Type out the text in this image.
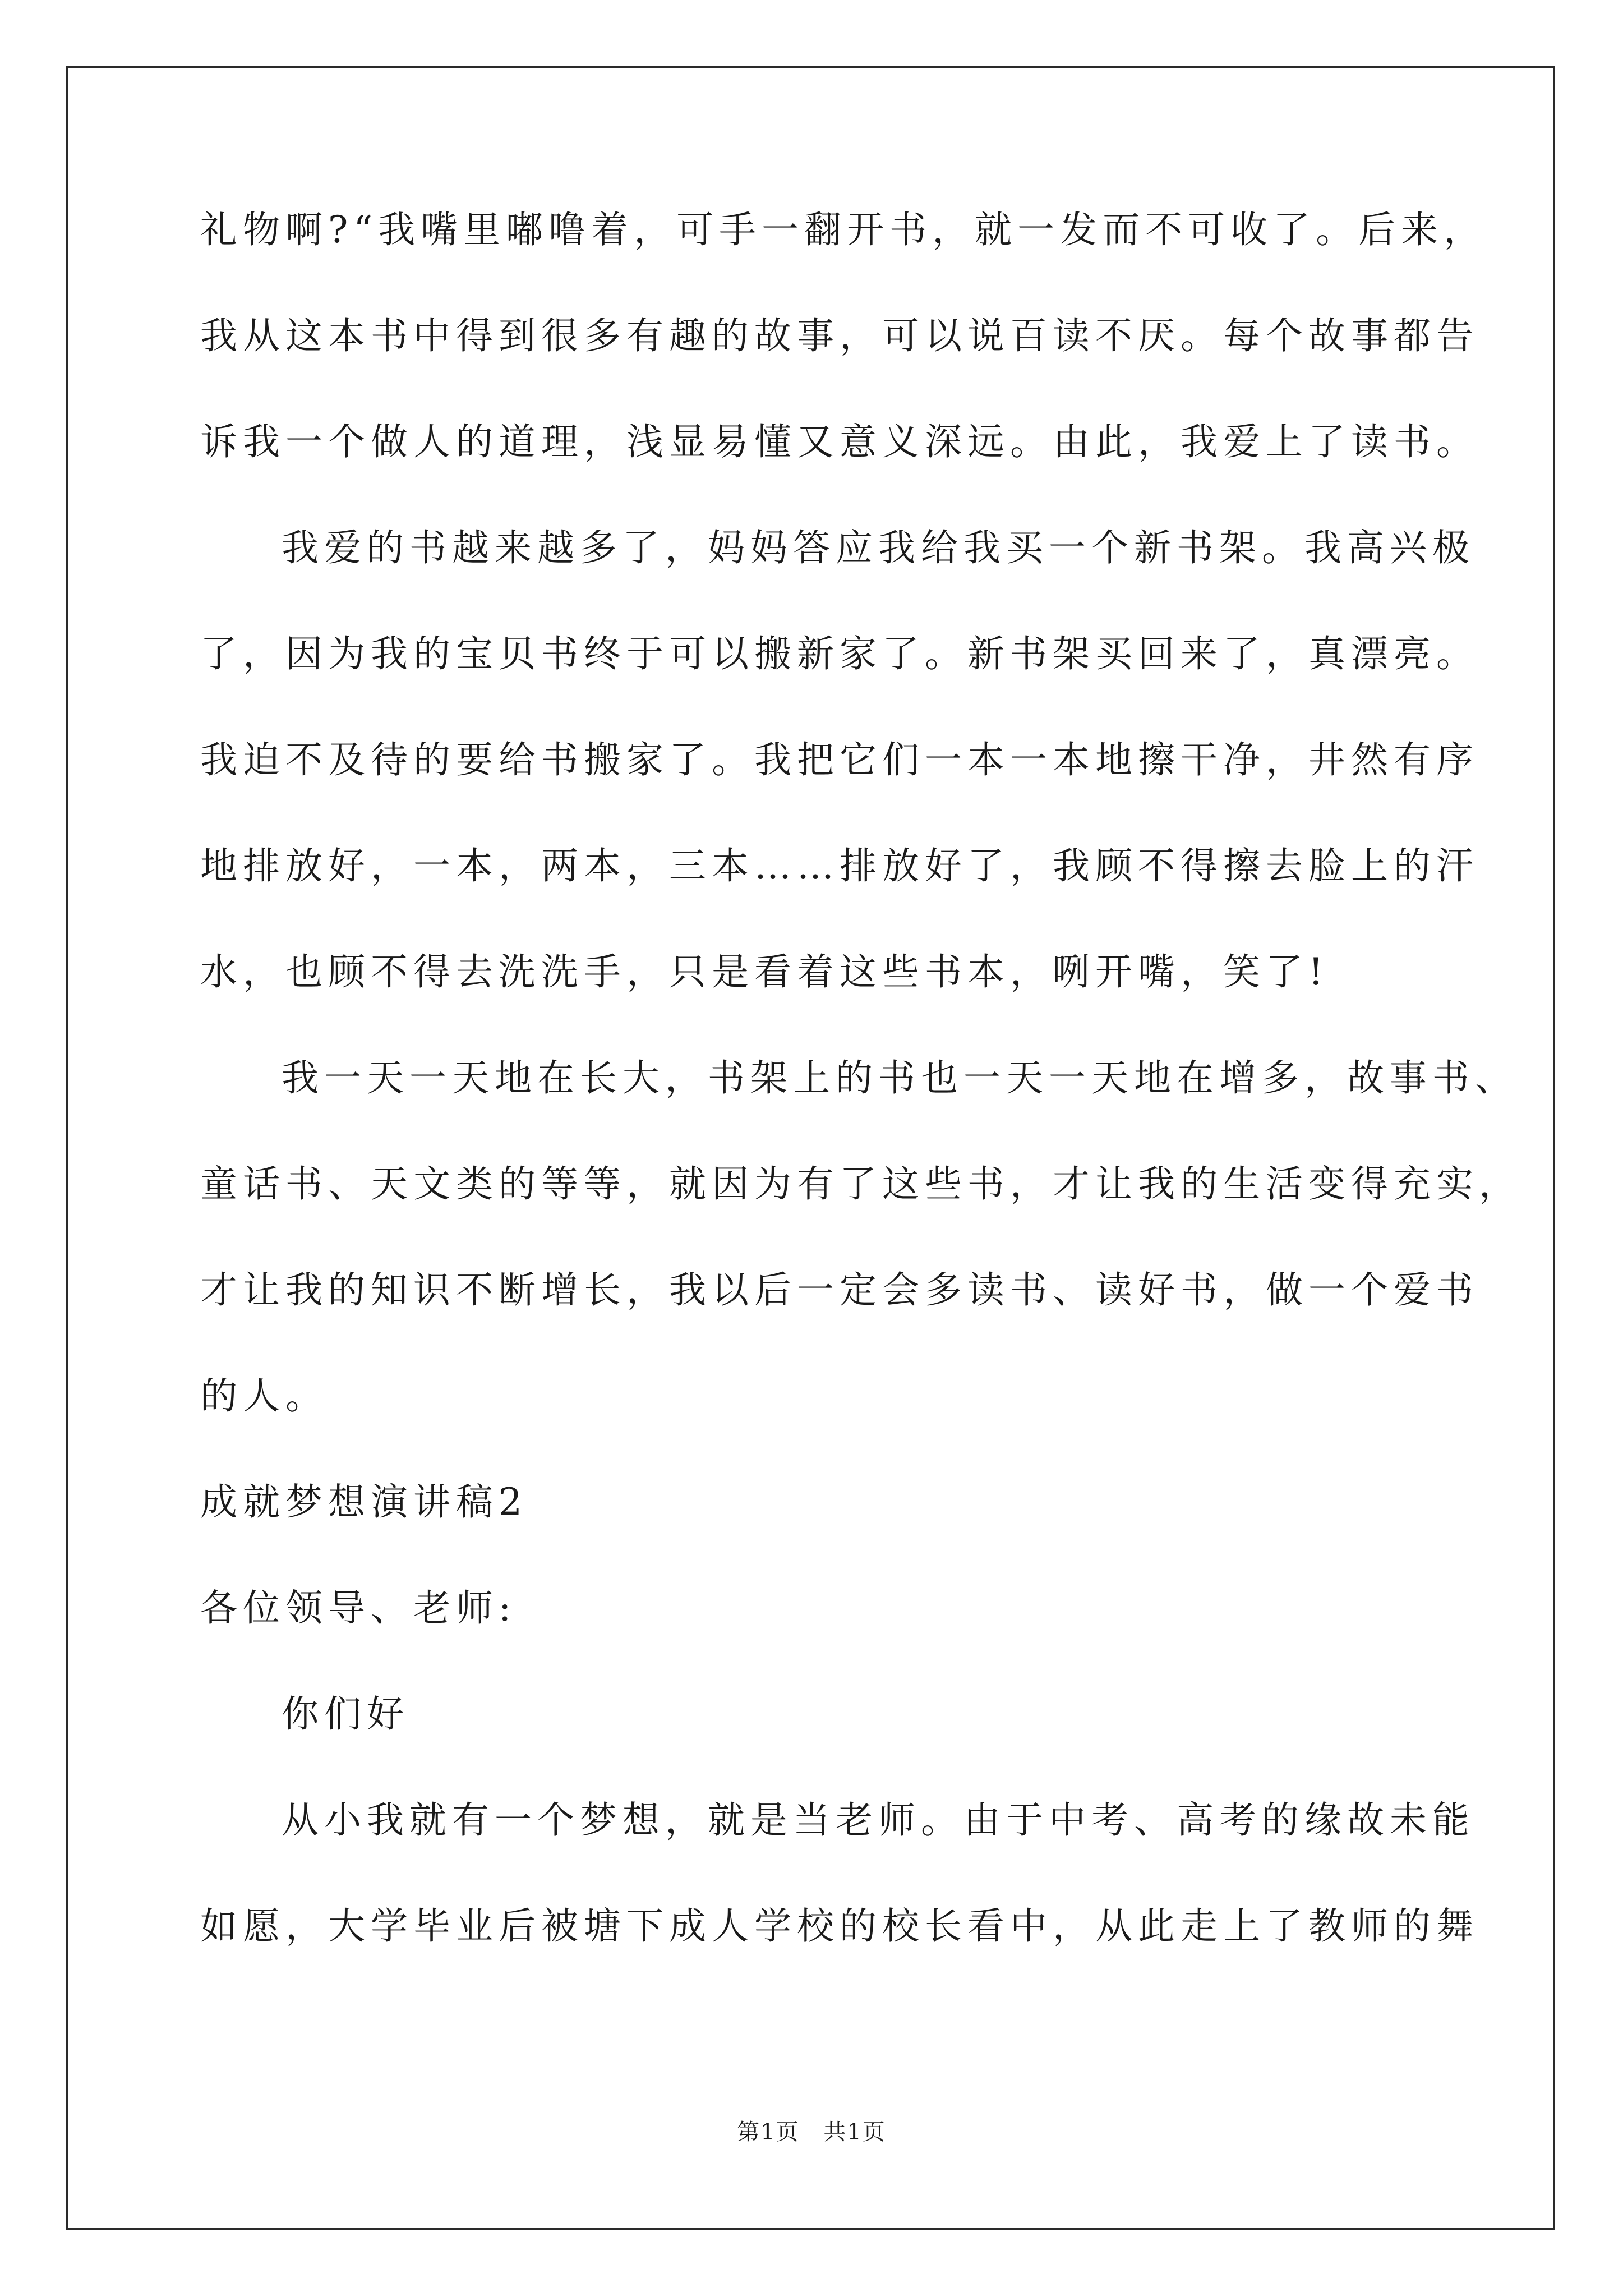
礼物啊?“我嘴里嘟噜着，可手一翻开书，就一发而不可收了。后来，
我从这本书中得到很多有趣的故事，可以说百读不厌。每个故事都告
诉我一个做人的道理，浅显易懂又意义深远。由此，我爱上了读书。
我爱的书越来越多了，妈妈答应我给我买一个新书架。我高兴极
了，因为我的宝贝书终于可以搬新家了。新书架买回来了，真漂亮。
我迫不及待的要给书搬家了。我把它们一本一本地擦干净，井然有序
地排放好，一本，两本，三本……排放好了，我顾不得擦去脸上的汗
水，也顾不得去洗洗手，只是看着这些书本，咧开嘴，笑了!
我一天一天地在长大，书架上的书也一天一天地在增多，故事书、
童话书、天文类的等等，就因为有了这些书，才让我的生活变得充实，
才让我的知识不断增长，我以后一定会多读书、读好书，做一个爱书
的人。
成就梦想演讲稿2
各位领导、老师:
你们好
从小我就有一个梦想，就是当老师。由于中考、高考的缘故未能
如愿，大学毕业后被塘下成人学校的校长看中，从此走上了教师的舞
第1页 共1页
